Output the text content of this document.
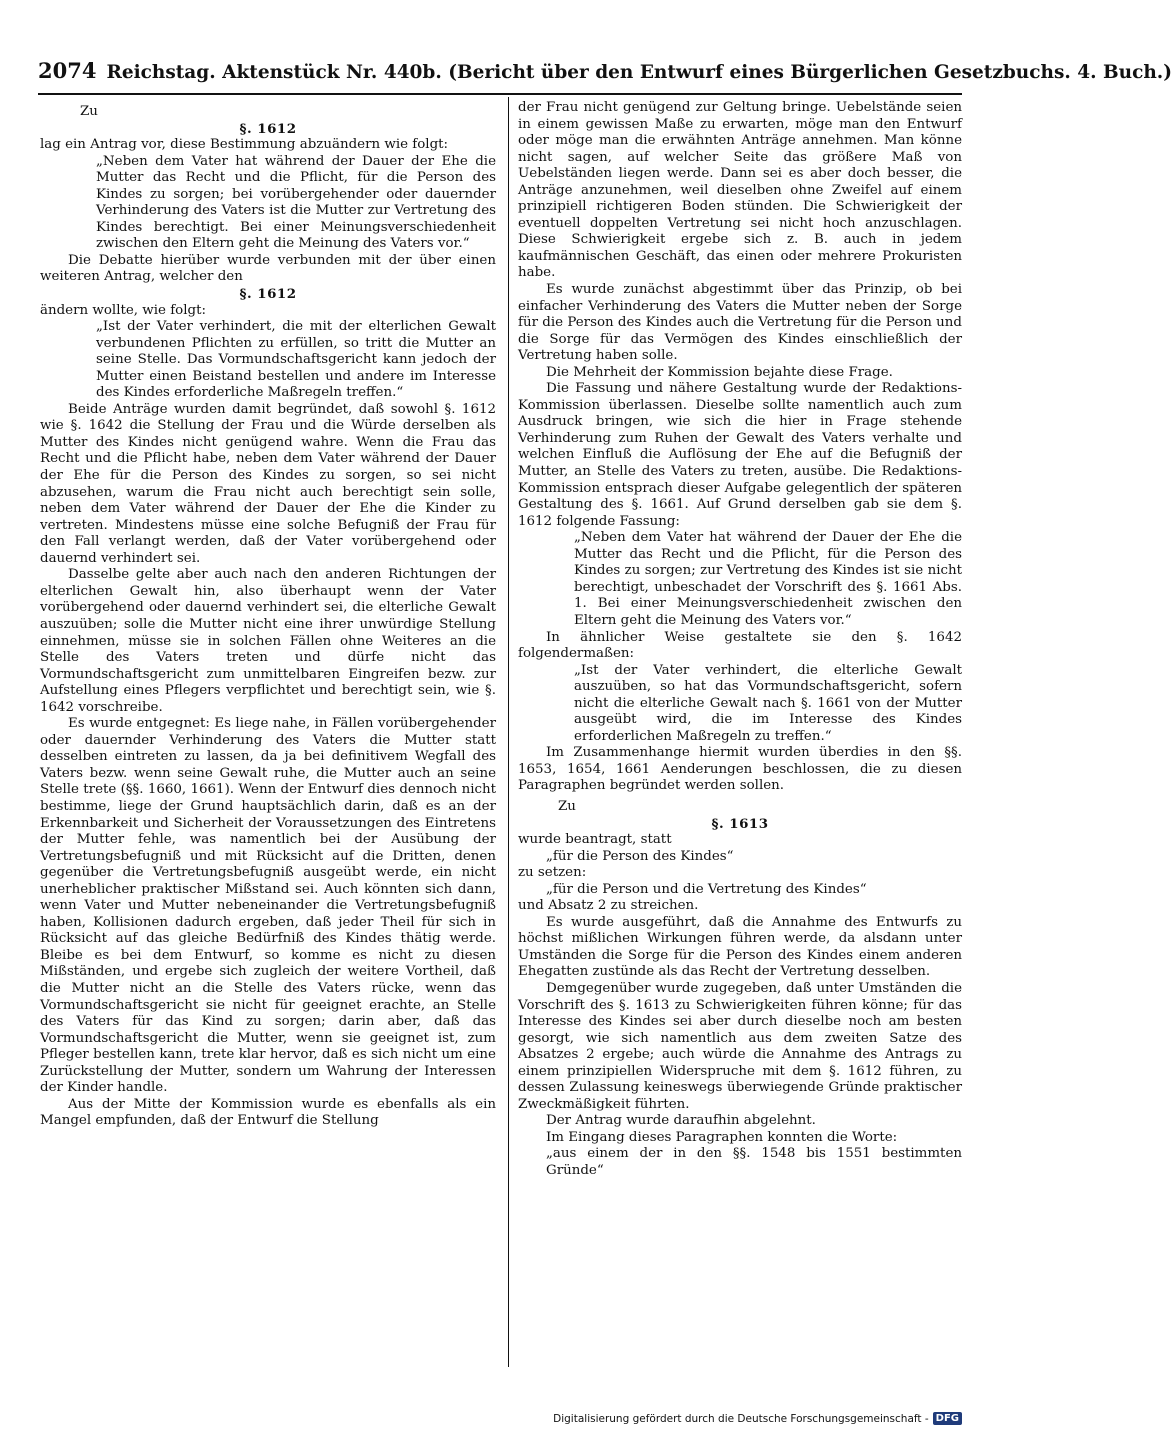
2074 Reichstag. Aktenstück Nr. 440b. (Bericht über den Entwurf eines Bürgerlichen Gesetzbuchs. 4. Buch.)

Zu

§. 1612

lag ein Antrag vor, diese Bestimmung abzuändern wie folgt:

„Neben dem Vater hat während der Dauer der Ehe die Mutter das Recht und die Pflicht, für die Person des Kindes zu sorgen; bei vorübergehender oder dauernder Verhinderung des Vaters ist die Mutter zur Vertretung des Kindes berechtigt. Bei einer Meinungsverschiedenheit zwischen den Eltern geht die Meinung des Vaters vor.“

Die Debatte hierüber wurde verbunden mit der über einen weiteren Antrag, welcher den

§. 1612

ändern wollte, wie folgt:

„Ist der Vater verhindert, die mit der elterlichen Gewalt verbundenen Pflichten zu erfüllen, so tritt die Mutter an seine Stelle. Das Vormundschaftsgericht kann jedoch der Mutter einen Beistand bestellen und andere im Interesse des Kindes erforderliche Maßregeln treffen.“

Beide Anträge wurden damit begründet, daß sowohl §. 1612 wie §. 1642 die Stellung der Frau und die Würde derselben als Mutter des Kindes nicht genügend wahre. Wenn die Frau das Recht und die Pflicht habe, neben dem Vater während der Dauer der Ehe für die Person des Kindes zu sorgen, so sei nicht abzusehen, warum die Frau nicht auch berechtigt sein solle, neben dem Vater während der Dauer der Ehe die Kinder zu vertreten. Mindestens müsse eine solche Befugniß der Frau für den Fall verlangt werden, daß der Vater vorübergehend oder dauernd verhindert sei.

Dasselbe gelte aber auch nach den anderen Richtungen der elterlichen Gewalt hin, also überhaupt wenn der Vater vorübergehend oder dauernd verhindert sei, die elterliche Gewalt auszuüben; solle die Mutter nicht eine ihrer unwürdige Stellung einnehmen, müsse sie in solchen Fällen ohne Weiteres an die Stelle des Vaters treten und dürfe nicht das Vormundschaftsgericht zum unmittelbaren Eingreifen bezw. zur Aufstellung eines Pflegers verpflichtet und berechtigt sein, wie §. 1642 vorschreibe.

Es wurde entgegnet: Es liege nahe, in Fällen vorübergehender oder dauernder Verhinderung des Vaters die Mutter statt desselben eintreten zu lassen, da ja bei definitivem Wegfall des Vaters bezw. wenn seine Gewalt ruhe, die Mutter auch an seine Stelle trete (§§. 1660, 1661). Wenn der Entwurf dies dennoch nicht bestimme, liege der Grund hauptsächlich darin, daß es an der Erkennbarkeit und Sicherheit der Voraussetzungen des Eintretens der Mutter fehle, was namentlich bei der Ausübung der Vertretungsbefugniß und mit Rücksicht auf die Dritten, denen gegenüber die Vertretungsbefugniß ausgeübt werde, ein nicht unerheblicher praktischer Mißstand sei. Auch könnten sich dann, wenn Vater und Mutter nebeneinander die Vertretungsbefugniß haben, Kollisionen dadurch ergeben, daß jeder Theil für sich in Rücksicht auf das gleiche Bedürfniß des Kindes thätig werde. Bleibe es bei dem Entwurf, so komme es nicht zu diesen Mißständen, und ergebe sich zugleich der weitere Vortheil, daß die Mutter nicht an die Stelle des Vaters rücke, wenn das Vormundschaftsgericht sie nicht für geeignet erachte, an Stelle des Vaters für das Kind zu sorgen; darin aber, daß das Vormundschaftsgericht die Mutter, wenn sie geeignet ist, zum Pfleger bestellen kann, trete klar hervor, daß es sich nicht um eine Zurückstellung der Mutter, sondern um Wahrung der Interessen der Kinder handle.

Aus der Mitte der Kommission wurde es ebenfalls als ein Mangel empfunden, daß der Entwurf die Stellung

der Frau nicht genügend zur Geltung bringe. Uebelstände seien in einem gewissen Maße zu erwarten, möge man den Entwurf oder möge man die erwähnten Anträge annehmen. Man könne nicht sagen, auf welcher Seite das größere Maß von Uebelständen liegen werde. Dann sei es aber doch besser, die Anträge anzunehmen, weil dieselben ohne Zweifel auf einem prinzipiell richtigeren Boden stünden. Die Schwierigkeit der eventuell doppelten Vertretung sei nicht hoch anzuschlagen. Diese Schwierigkeit ergebe sich z. B. auch in jedem kaufmännischen Geschäft, das einen oder mehrere Prokuristen habe.

Es wurde zunächst abgestimmt über das Prinzip, ob bei einfacher Verhinderung des Vaters die Mutter neben der Sorge für die Person des Kindes auch die Vertretung für die Person und die Sorge für das Vermögen des Kindes einschließlich der Vertretung haben solle.

Die Mehrheit der Kommission bejahte diese Frage.

Die Fassung und nähere Gestaltung wurde der Redaktions-Kommission überlassen. Dieselbe sollte namentlich auch zum Ausdruck bringen, wie sich die hier in Frage stehende Verhinderung zum Ruhen der Gewalt des Vaters verhalte und welchen Einfluß die Auflösung der Ehe auf die Befugniß der Mutter, an Stelle des Vaters zu treten, ausübe. Die Redaktions-Kommission entsprach dieser Aufgabe gelegentlich der späteren Gestaltung des §. 1661. Auf Grund derselben gab sie dem §. 1612 folgende Fassung:

„Neben dem Vater hat während der Dauer der Ehe die Mutter das Recht und die Pflicht, für die Person des Kindes zu sorgen; zur Vertretung des Kindes ist sie nicht berechtigt, unbeschadet der Vorschrift des §. 1661 Abs. 1. Bei einer Meinungsverschiedenheit zwischen den Eltern geht die Meinung des Vaters vor.“

In ähnlicher Weise gestaltete sie den §. 1642 folgendermaßen:

„Ist der Vater verhindert, die elterliche Gewalt auszuüben, so hat das Vormundschaftsgericht, sofern nicht die elterliche Gewalt nach §. 1661 von der Mutter ausgeübt wird, die im Interesse des Kindes erforderlichen Maßregeln zu treffen.“

Im Zusammenhange hiermit wurden überdies in den §§. 1653, 1654, 1661 Aenderungen beschlossen, die zu diesen Paragraphen begründet werden sollen.

Zu

§. 1613

wurde beantragt, statt

„für die Person des Kindes“

zu setzen:

„für die Person und die Vertretung des Kindes“

und Absatz 2 zu streichen.

Es wurde ausgeführt, daß die Annahme des Entwurfs zu höchst mißlichen Wirkungen führen werde, da alsdann unter Umständen die Sorge für die Person des Kindes einem anderen Ehegatten zustünde als das Recht der Vertretung desselben.

Demgegenüber wurde zugegeben, daß unter Umständen die Vorschrift des §. 1613 zu Schwierigkeiten führen könne; für das Interesse des Kindes sei aber durch dieselbe noch am besten gesorgt, wie sich namentlich aus dem zweiten Satze des Absatzes 2 ergebe; auch würde die Annahme des Antrags zu einem prinzipiellen Widerspruche mit dem §. 1612 führen, zu dessen Zulassung keineswegs überwiegende Gründe praktischer Zweckmäßigkeit führten.

Der Antrag wurde daraufhin abgelehnt.

Im Eingang dieses Paragraphen konnten die Worte:

„aus einem der in den §§. 1548 bis 1551 bestimmten Gründe“

Digitalisierung gefördert durch die Deutsche Forschungsgemeinschaft - DFG
